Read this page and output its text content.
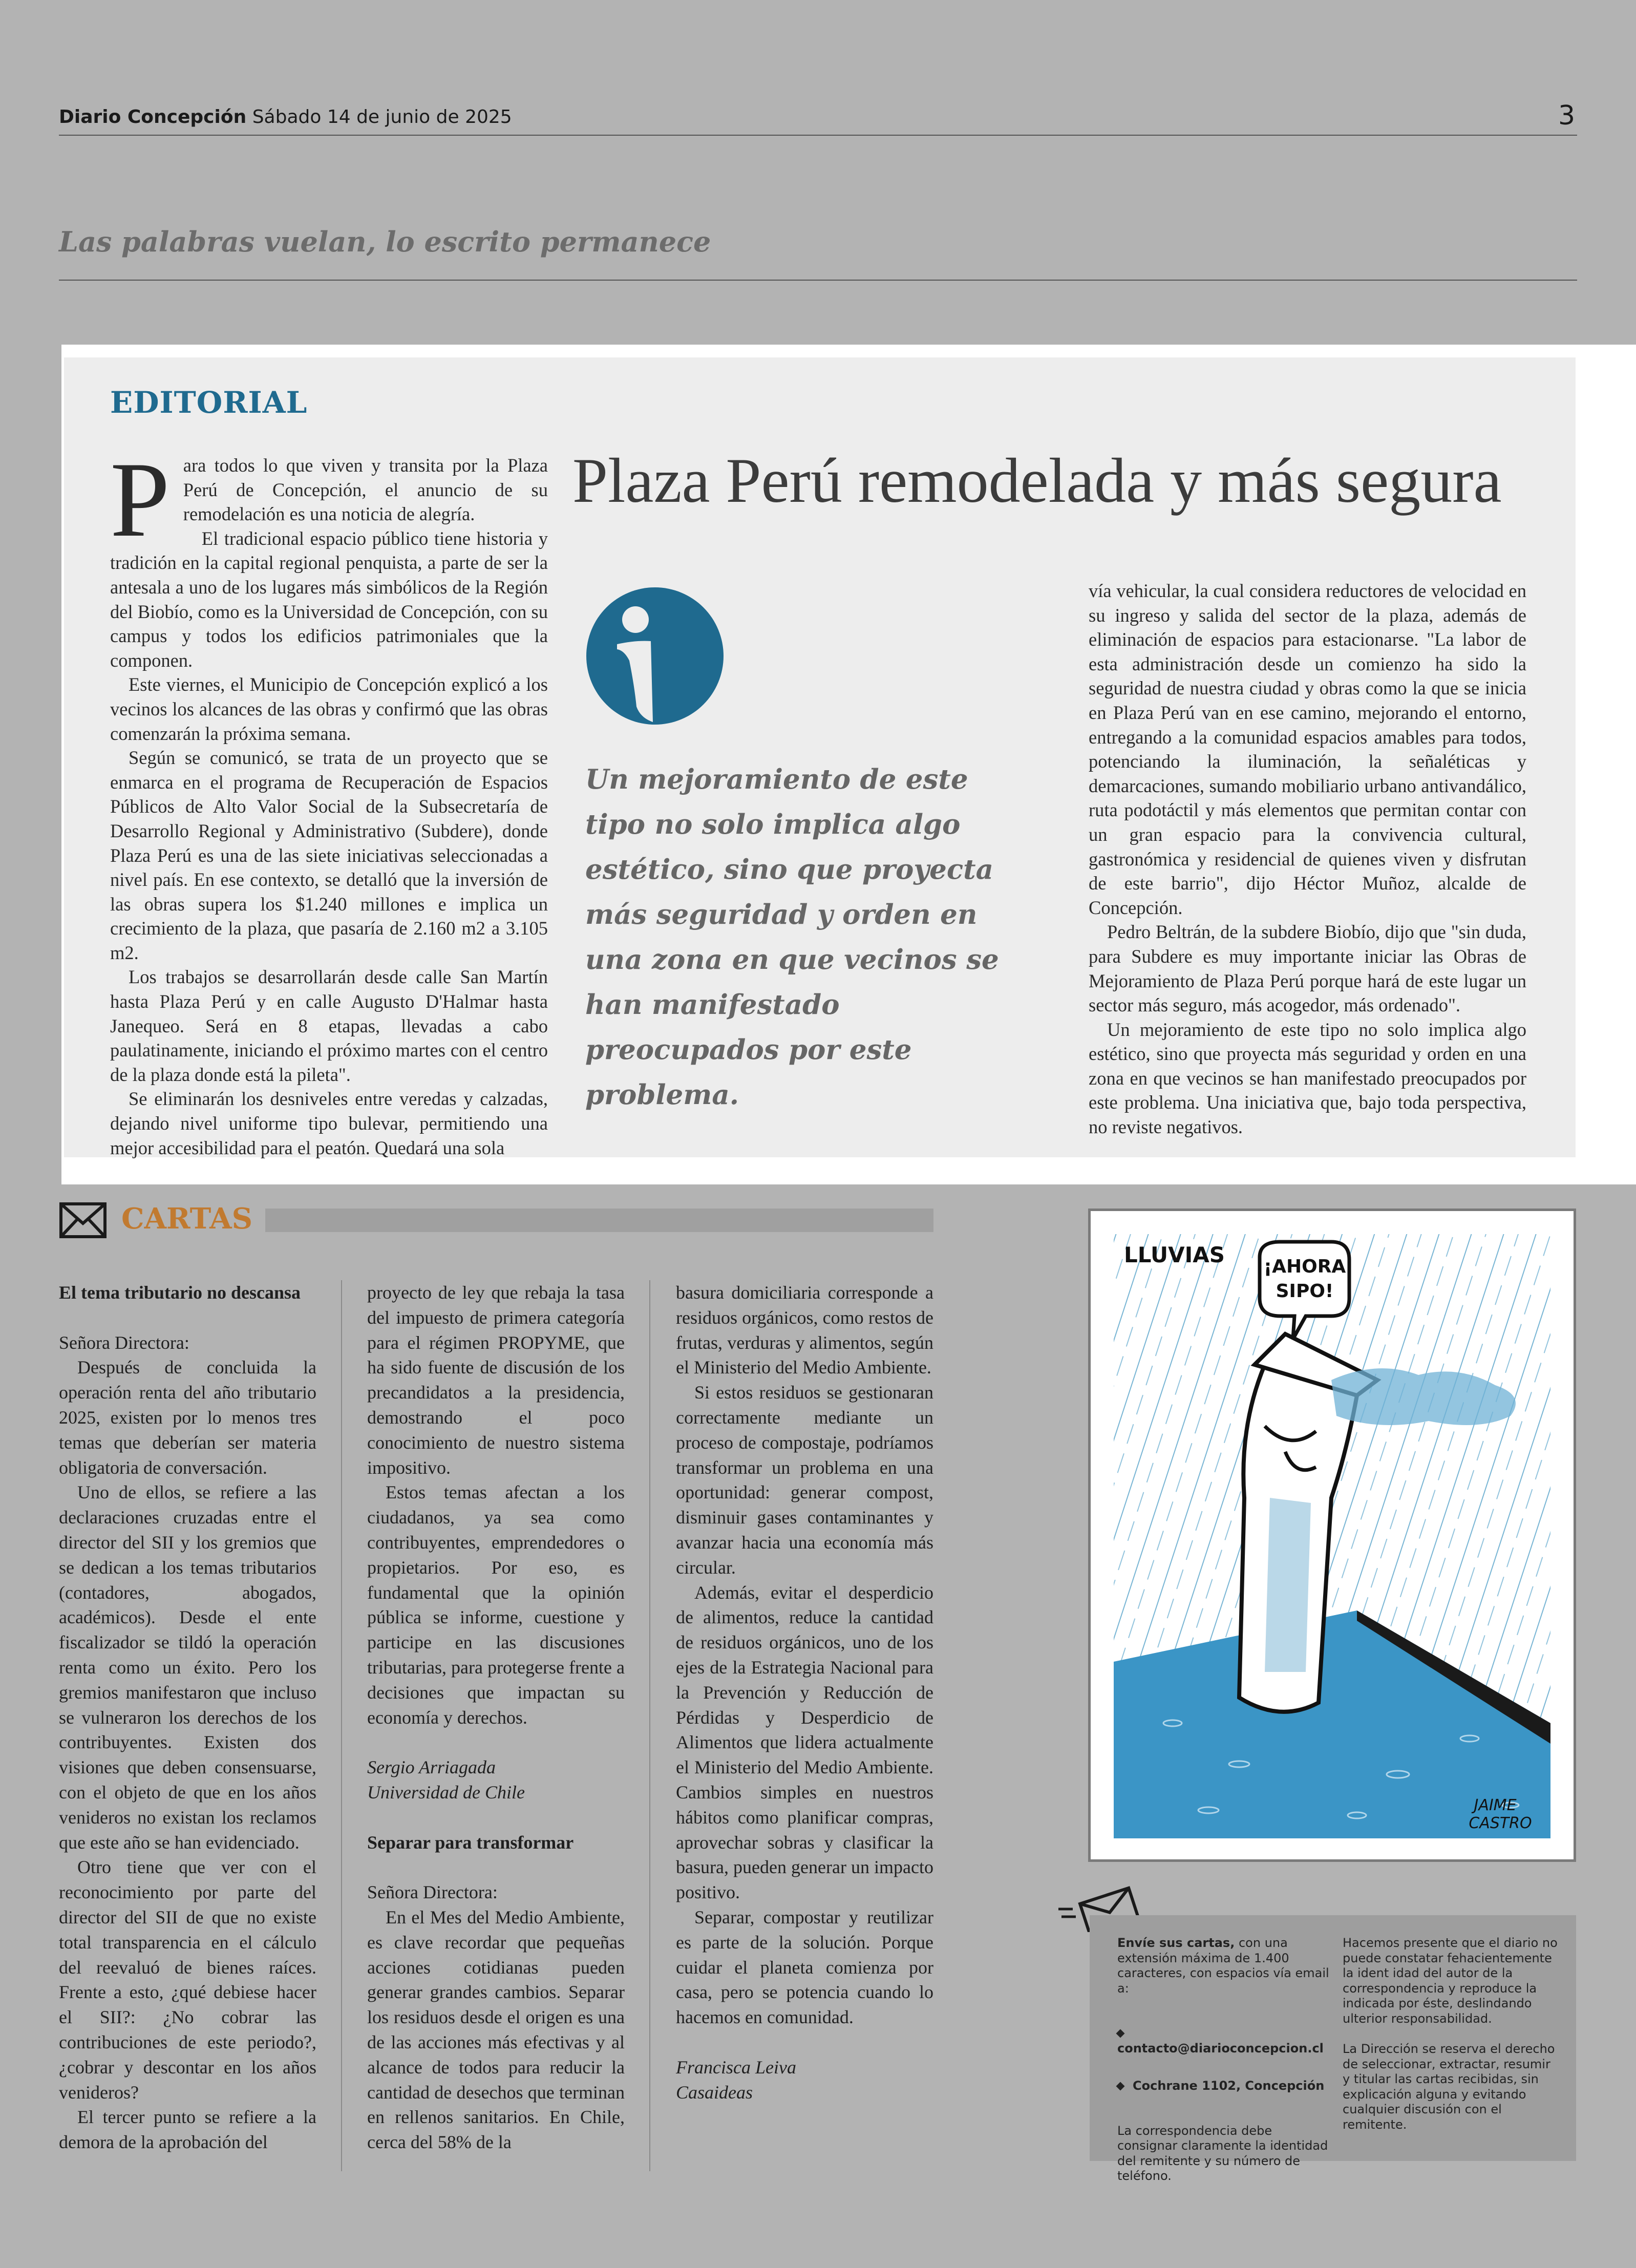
Diario Concepción Sábado 14 de junio de 2025	3
Las palabras vuelan, lo escrito permanece
EDITORIAL
Plaza Perú remodelada y más segura
P ara todos lo que viven y transita por la Plaza Perú de Concepción, el anuncio de su remodelación es una noticia de alegría.

El tradicional espacio público tiene historia y tradición en la capital regional penquista, a parte de ser la antesala a uno de los lugares más simbólicos de la Región del Biobío, como es la Universidad de Concepción, con su campus y todos los edificios patrimoniales que la componen.

Este viernes, el Municipio de Concepción explicó a los vecinos los alcances de las obras y confirmó que las obras comenzarán la próxima semana.

Según se comunicó, se trata de un proyecto que se enmarca en el programa de Recuperación de Espacios Públicos de Alto Valor Social de la Subsecretaría de Desarrollo Regional y Administrativo (Subdere), donde Plaza Perú es una de las siete iniciativas seleccionadas a nivel país. En ese contexto, se detalló que la inversión de las obras supera los $1.240 millones e implica un crecimiento de la plaza, que pasaría de 2.160 m2 a 3.105 m2.

Los trabajos se desarrollarán desde calle San Martín hasta Plaza Perú y en calle Augusto D'Halmar hasta Janequeo. Será en 8 etapas, llevadas a cabo paulatinamente, iniciando el próximo martes con el centro de la plaza donde está la pileta".

Se eliminarán los desniveles entre veredas y calzadas, dejando nivel uniforme tipo bulevar, permitiendo una mejor accesibilidad para el peatón. Quedará una sola

Un mejoramiento de este tipo no solo implica algo estético, sino que proyecta más seguridad y orden en una zona en que vecinos se han manifestado preocupados por este problema.

vía vehicular, la cual considera reductores de velocidad en su ingreso y salida del sector de la plaza, además de eliminación de espacios para estacionarse. "La labor de esta administración desde un comienzo ha sido la seguridad de nuestra ciudad y obras como la que se inicia en Plaza Perú van en ese camino, mejorando el entorno, entregando a la comunidad espacios amables para todos, potenciando la iluminación, la señaléticas y demarcaciones, sumando mobiliario urbano antivandálico, ruta podotáctil y más elementos que permitan contar con un gran espacio para la convivencia cultural, gastronómica y residencial de quienes viven y disfrutan de este barrio", dijo Héctor Muñoz, alcalde de Concepción.

Pedro Beltrán, de la subdere Biobío, dijo que "sin duda, para Subdere es muy importante iniciar las Obras de Mejoramiento de Plaza Perú porque hará de este lugar un sector más seguro, más acogedor, más ordenado".

Un mejoramiento de este tipo no solo implica algo estético, sino que proyecta más seguridad y orden en una zona en que vecinos se han manifestado preocupados por este problema. Una iniciativa que, bajo toda perspectiva, no reviste negativos.

CARTAS

El tema tributario no descansa

Señora Directora:

Después de concluida la operación renta del año tributario 2025, existen por lo menos tres temas que deberían ser materia obligatoria de conversación.

Uno de ellos, se refiere a las declaraciones cruzadas entre el director del SII y los gremios que se dedican a los temas tributarios (contadores, abogados, académicos). Desde el ente fiscalizador se tildó la operación renta como un éxito. Pero los gremios manifestaron que incluso se vulneraron los derechos de los contribuyentes. Existen dos visiones que deben consensuarse, con el objeto de que en los años venideros no existan los reclamos que este año se han evidenciado.

Otro tiene que ver con el reconocimiento por parte del director del SII de que no existe total transparencia en el cálculo del reevaluó de bienes raíces. Frente a esto, ¿qué debiese hacer el SII?: ¿No cobrar las contribuciones de este periodo?, ¿cobrar y descontar en los años venideros?

El tercer punto se refiere a la demora de la aprobación del

proyecto de ley que rebaja la tasa del impuesto de primera categoría para el régimen PROPYME, que ha sido fuente de discusión de los precandidatos a la presidencia, demostrando el poco conocimiento de nuestro sistema impositivo.

Estos temas afectan a los ciudadanos, ya sea como contribuyentes, emprendedores o propietarios. Por eso, es fundamental que la opinión pública se informe, cuestione y participe en las discusiones tributarias, para protegerse frente a decisiones que impactan su economía y derechos.

Sergio Arriagada

Universidad de Chile

Separar para transformar

Señora Directora:

En el Mes del Medio Ambiente, es clave recordar que pequeñas acciones cotidianas pueden generar grandes cambios. Separar los residuos desde el origen es una de las acciones más efectivas y al alcance de todos para reducir la cantidad de desechos que terminan en rellenos sanitarios. En Chile, cerca del 58% de la

basura domiciliaria corresponde a residuos orgánicos, como restos de frutas, verduras y alimentos, según el Ministerio del Medio Ambiente.

Si estos residuos se gestionaran correctamente mediante un proceso de compostaje, podríamos transformar un problema en una oportunidad: generar compost, disminuir gases contaminantes y avanzar hacia una economía más circular.

Además, evitar el desperdicio de alimentos, reduce la cantidad de residuos orgánicos, uno de los ejes de la Estrategia Nacional para la Prevención y Reducción de Pérdidas y Desperdicio de Alimentos que lidera actualmente el Ministerio del Medio Ambiente. Cambios simples en nuestros hábitos como planificar compras, aprovechar sobras y clasificar la basura, pueden generar un impacto positivo.

Separar, compostar y reutilizar es parte de la solución. Porque cuidar el planeta comienza por casa, pero se potencia cuando lo hacemos en comunidad.

Francisca Leiva

Casaideas

¡AHORA
SIPO!
LLUVIAS
JAIME
CASTRO
Envíe sus cartas, con una extensión máxima de 1.400 caracteres, con espacios vía email a:
contacto@diarioconcepcion.cl
Cochrane 1102, Concepción
La correspondencia debe consignar claramente la identidad del remitente y su número de teléfono.
Hacemos presente que el diario no puede constatar fehacientemente la ident idad del autor de la correspondencia y reproduce la indicada por éste, deslindando ulterior responsabilidad.
La Dirección se reserva el derecho de seleccionar, extractar, resumir y titular las cartas recibidas, sin explicación alguna y evitando cualquier discusión con el remitente.
